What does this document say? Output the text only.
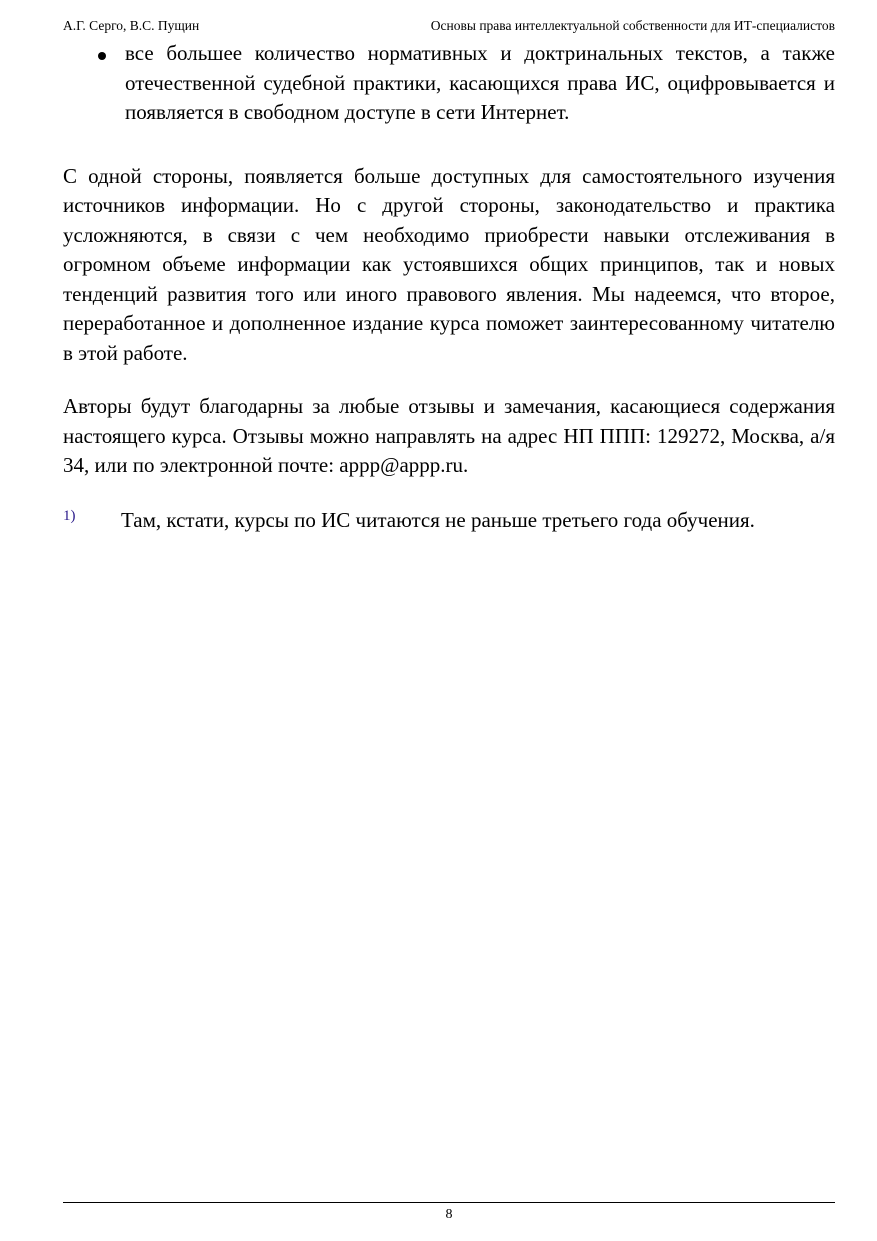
А.Г. Серго, В.С. Пущин	Основы права интеллектуальной собственности для ИТ-специалистов
все большее количество нормативных и доктринальных текстов, а также отечественной судебной практики, касающихся права ИС, оцифровывается и появляется в свободном доступе в сети Интернет.

С одной стороны, появляется больше доступных для самостоятельного изучения источников информации. Но с другой стороны, законодательство и практика усложняются, в связи с чем необходимо приобрести навыки отслеживания в огромном объеме информации как устоявшихся общих принципов, так и новых тенденций развития того или иного правового явления. Мы надеемся, что второе, переработанное и дополненное издание курса поможет заинтересованному читателю в этой работе.

Авторы будут благодарны за любые отзывы и замечания, касающиеся содержания настоящего курса. Отзывы можно направлять на адрес НП ППП: 129272, Москва, а/я 34, или по электронной почте: appp@appp.ru.

1) Там, кстати, курсы по ИС читаются не раньше третьего года обучения.

8
